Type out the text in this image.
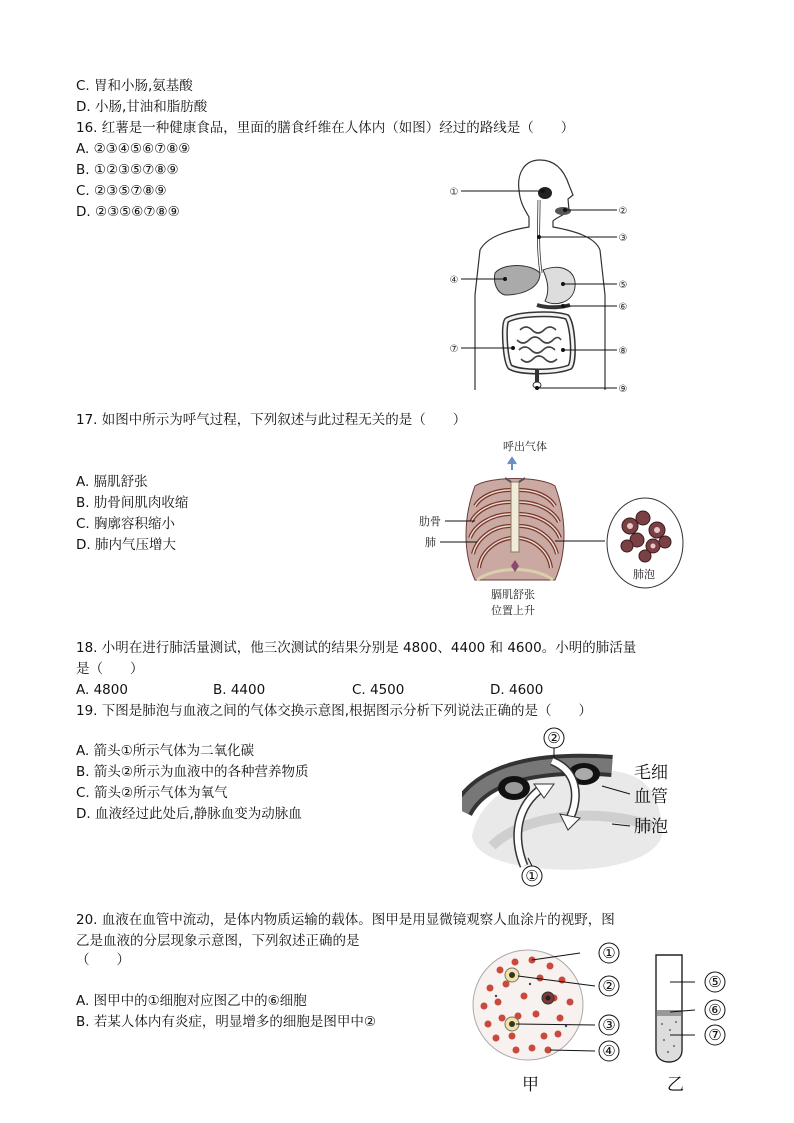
C. 胃和小肠,氨基酸
D. 小肠,甘油和脂肪酸
16. 红薯是一种健康食品，里面的膳食纤维在人体内（如图）经过的路线是（　　）
A. ②③④⑤⑥⑦⑧⑨
B. ①②③⑤⑦⑧⑨
C. ②③⑤⑦⑧⑨
D. ②③⑤⑥⑦⑧⑨
17. 如图中所示为呼气过程，下列叙述与此过程无关的是（　　）
A. 膈肌舒张
B. 肋骨间肌肉收缩
C. 胸廓容积缩小
D. 肺内气压增大
18. 小明在进行肺活量测试，他三次测试的结果分别是 4800、4400 和 4600。小明的肺活量
是（　　）
A. 4800	B. 4400	C. 4500	D. 4600
19. 下图是肺泡与血液之间的气体交换示意图,根据图示分析下列说法正确的是（　　）
A. 箭头①所示气体为二氧化碳
B. 箭头②所示为血液中的各种营养物质
C. 箭头②所示气体为氧气
D. 血液经过此处后,静脉血变为动脉血
20. 血液在血管中流动，是体内物质运输的载体。图甲是用显微镜观察人血涂片的视野，图
乙是血液的分层现象示意图，下列叙述正确的是
（　　）
A. 图甲中的①细胞对应图乙中的⑥细胞
B. 若某人体内有炎症，明显增多的细胞是图甲中②
①
②
③
④	⑤
⑥
⑦	⑧
⑨
呼出气体
肋骨
肺
膈肌舒张
位置上升
肺泡
②
①
毛细
血管
肺泡
①
②
③
④
⑤
⑥
⑦
甲	乙
